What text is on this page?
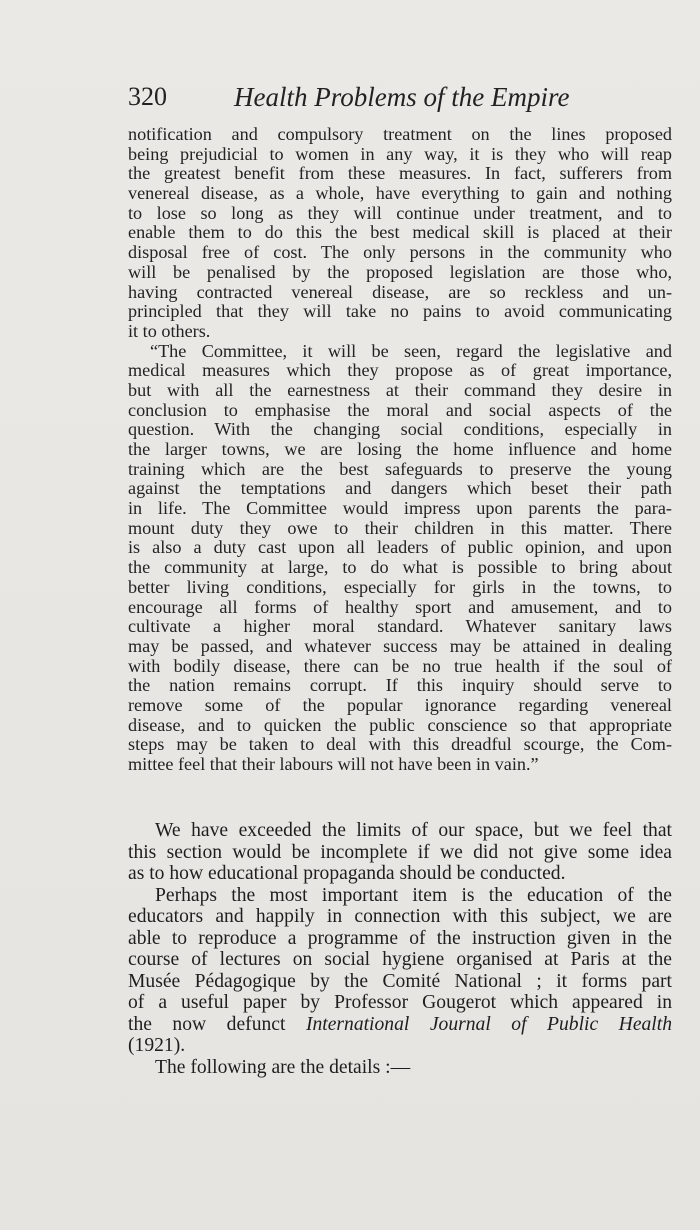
320 Health Problems of the Empire
notification and compulsory treatment on the lines proposed
being prejudicial to women in any way, it is they who will reap
the greatest benefit from these measures. In fact, sufferers from
venereal disease, as a whole, have everything to gain and nothing
to lose so long as they will continue under treatment, and to
enable them to do this the best medical skill is placed at their
disposal free of cost. The only persons in the community who
will be penalised by the proposed legislation are those who,
having contracted venereal disease, are so reckless and un-
principled that they will take no pains to avoid communicating
it to others.
“The Committee, it will be seen, regard the legislative and
medical measures which they propose as of great importance,
but with all the earnestness at their command they desire in
conclusion to emphasise the moral and social aspects of the
question. With the changing social conditions, especially in
the larger towns, we are losing the home influence and home
training which are the best safeguards to preserve the young
against the temptations and dangers which beset their path
in life. The Committee would impress upon parents the para-
mount duty they owe to their children in this matter. There
is also a duty cast upon all leaders of public opinion, and upon
the community at large, to do what is possible to bring about
better living conditions, especially for girls in the towns, to
encourage all forms of healthy sport and amusement, and to
cultivate a higher moral standard. Whatever sanitary laws
may be passed, and whatever success may be attained in dealing
with bodily disease, there can be no true health if the soul of
the nation remains corrupt. If this inquiry should serve to
remove some of the popular ignorance regarding venereal
disease, and to quicken the public conscience so that appropriate
steps may be taken to deal with this dreadful scourge, the Com-
mittee feel that their labours will not have been in vain.”
We have exceeded the limits of our space, but we feel that
this section would be incomplete if we did not give some idea
as to how educational propaganda should be conducted.
Perhaps the most important item is the education of the
educators and happily in connection with this subject, we are
able to reproduce a programme of the instruction given in the
course of lectures on social hygiene organised at Paris at the
Musée Pédagogique by the Comité National ; it forms part
of a useful paper by Professor Gougerot which appeared in
the now defunct International Journal of Public Health
(1921).
The following are the details :—
